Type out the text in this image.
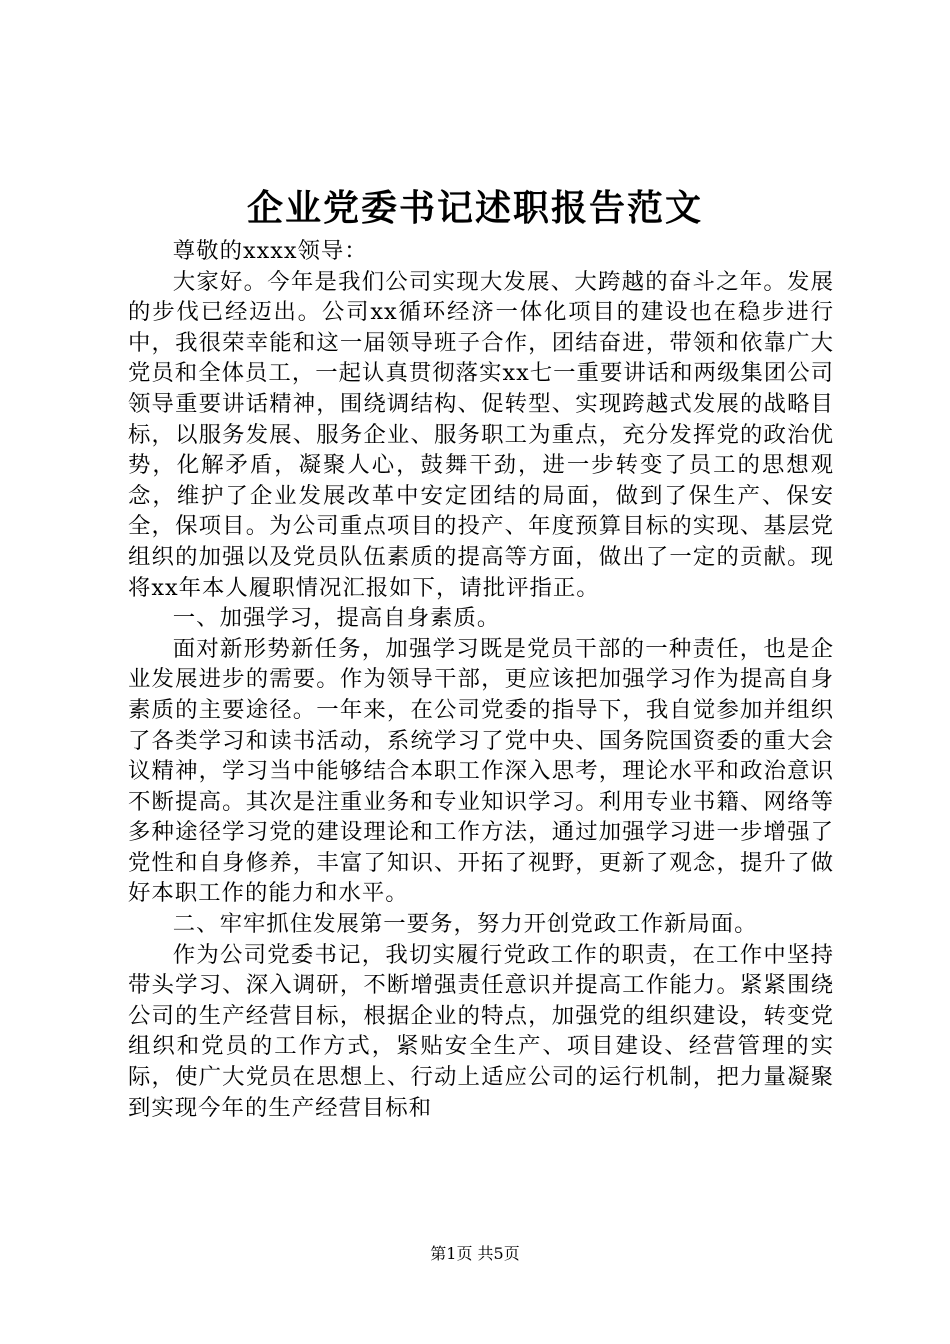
企业党委书记述职报告范文

尊敬的xxxx领导：

大家好。今年是我们公司实现大发展、大跨越的奋斗之年。发展的步伐已经迈出。公司xx循环经济一体化项目的建设也在稳步进行中，我很荣幸能和这一届领导班子合作，团结奋进，带领和依靠广大党员和全体员工，一起认真贯彻落实xx七一重要讲话和两级集团公司领导重要讲话精神，围绕调结构、促转型、实现跨越式发展的战略目标，以服务发展、服务企业、服务职工为重点，充分发挥党的政治优势，化解矛盾，凝聚人心，鼓舞干劲，进一步转变了员工的思想观念，维护了企业发展改革中安定团结的局面，做到了保生产、保安全，保项目。为公司重点项目的投产、年度预算目标的实现、基层党组织的加强以及党员队伍素质的提高等方面，做出了一定的贡献。现将xx年本人履职情况汇报如下，请批评指正。

一、加强学习，提高自身素质。

面对新形势新任务，加强学习既是党员干部的一种责任，也是企业发展进步的需要。作为领导干部，更应该把加强学习作为提高自身素质的主要途径。一年来，在公司党委的指导下，我自觉参加并组织了各类学习和读书活动，系统学习了党中央、国务院国资委的重大会议精神，学习当中能够结合本职工作深入思考，理论水平和政治意识不断提高。其次是注重业务和专业知识学习。利用专业书籍、网络等多种途径学习党的建设理论和工作方法，通过加强学习进一步增强了党性和自身修养，丰富了知识、开拓了视野，更新了观念，提升了做好本职工作的能力和水平。

二、牢牢抓住发展第一要务，努力开创党政工作新局面。

作为公司党委书记，我切实履行党政工作的职责，在工作中坚持带头学习、深入调研，不断增强责任意识并提高工作能力。紧紧围绕公司的生产经营目标，根据企业的特点，加强党的组织建设，转变党组织和党员的工作方式，紧贴安全生产、项目建设、经营管理的实际，使广大党员在思想上、行动上适应公司的运行机制，把力量凝聚到实现今年的生产经营目标和

第1页 共5页
